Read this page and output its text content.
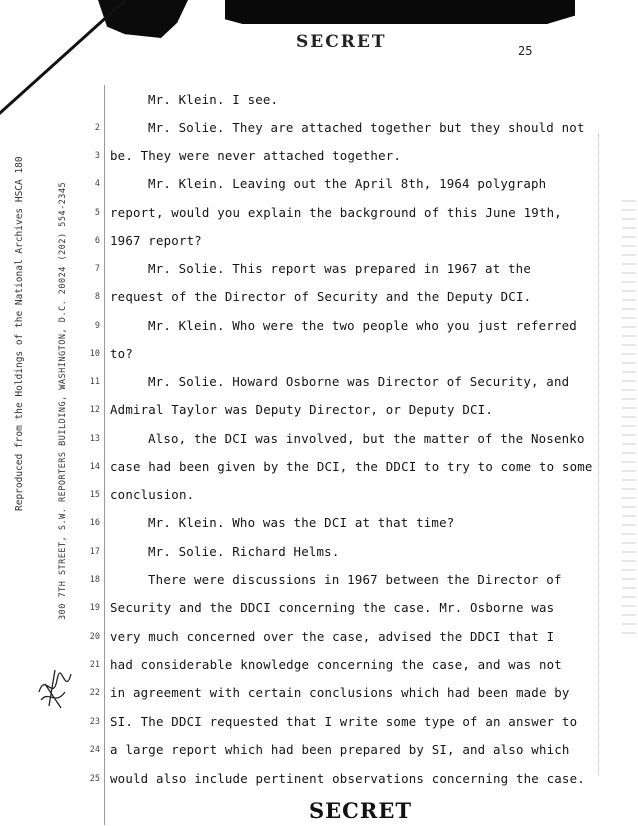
SECRET	25
Reproduced from the Holdings of the National Archives HSCA 180	300 7TH STREET, S.W. REPORTERS BUILDING, WASHINGTON, D.C. 20024 (202) 554-2345
2
3
4
5
6
7
8
9
10
11
12
13
14
15
16
17
18
19
20
21
22
23
24
25
Mr. Klein. I see.
Mr. Solie. They are attached together but they should not
be. They were never attached together.
Mr. Klein. Leaving out the April 8th, 1964 polygraph
report, would you explain the background of this June 19th,
1967 report?
Mr. Solie. This report was prepared in 1967 at the
request of the Director of Security and the Deputy DCI.
Mr. Klein. Who were the two people who you just referred
to?
Mr. Solie. Howard Osborne was Director of Security, and
Admiral Taylor was Deputy Director, or Deputy DCI.
Also, the DCI was involved, but the matter of the Nosenko
case had been given by the DCI, the DDCI to try to come to some
conclusion.
Mr. Klein. Who was the DCI at that time?
Mr. Solie. Richard Helms.
There were discussions in 1967 between the Director of
Security and the DDCI concerning the case. Mr. Osborne was
very much concerned over the case, advised the DDCI that I
had considerable knowledge concerning the case, and was not
in agreement with certain conclusions which had been made by
SI. The DDCI requested that I write some type of an answer to
a large report which had been prepared by SI, and also which
would also include pertinent observations concerning the case.
SECRET
